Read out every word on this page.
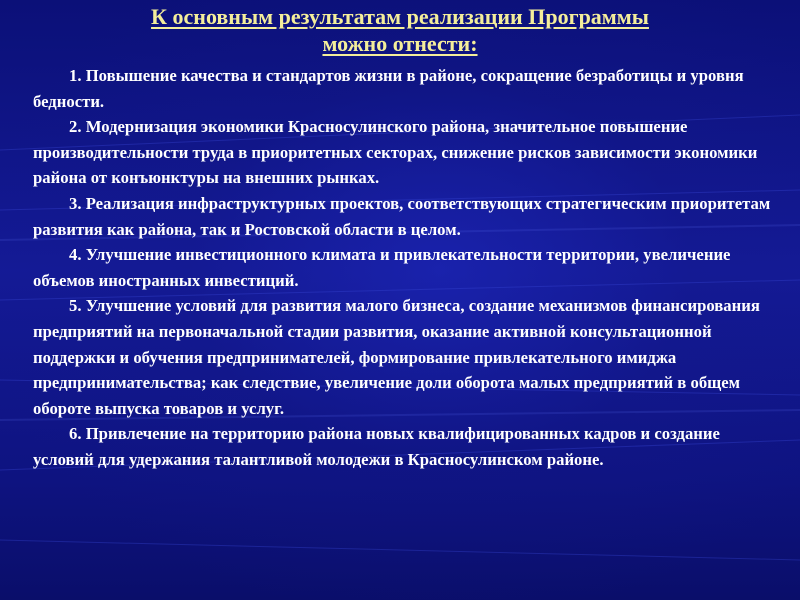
К основным результатам реализации Программы
можно отнести:

1. Повышение качества и стандартов жизни в районе, сокращение безработицы и уровня бедности.

2. Модернизация экономики Красносулинского района, значительное повышение производительности труда в приоритетных секторах, снижение рисков зависимости экономики района от конъюнктуры на внешних рынках.

3. Реализация инфраструктурных проектов, соответствующих стратегическим приоритетам развития как района, так и Ростовской области в целом.

4. Улучшение инвестиционного климата и привлекательности территории, увеличение объемов иностранных инвестиций.

5. Улучшение условий для развития малого бизнеса, создание механизмов финансирования предприятий на первоначальной стадии развития, оказание активной консультационной поддержки и обучения предпринимателей, формирование привлекательного имиджа предпринимательства; как следствие, увеличение доли оборота малых предприятий в общем обороте выпуска товаров и услуг.

6. Привлечение на территорию района новых квалифицированных кадров и создание условий для удержания талантливой молодежи в Красносулинском районе.
